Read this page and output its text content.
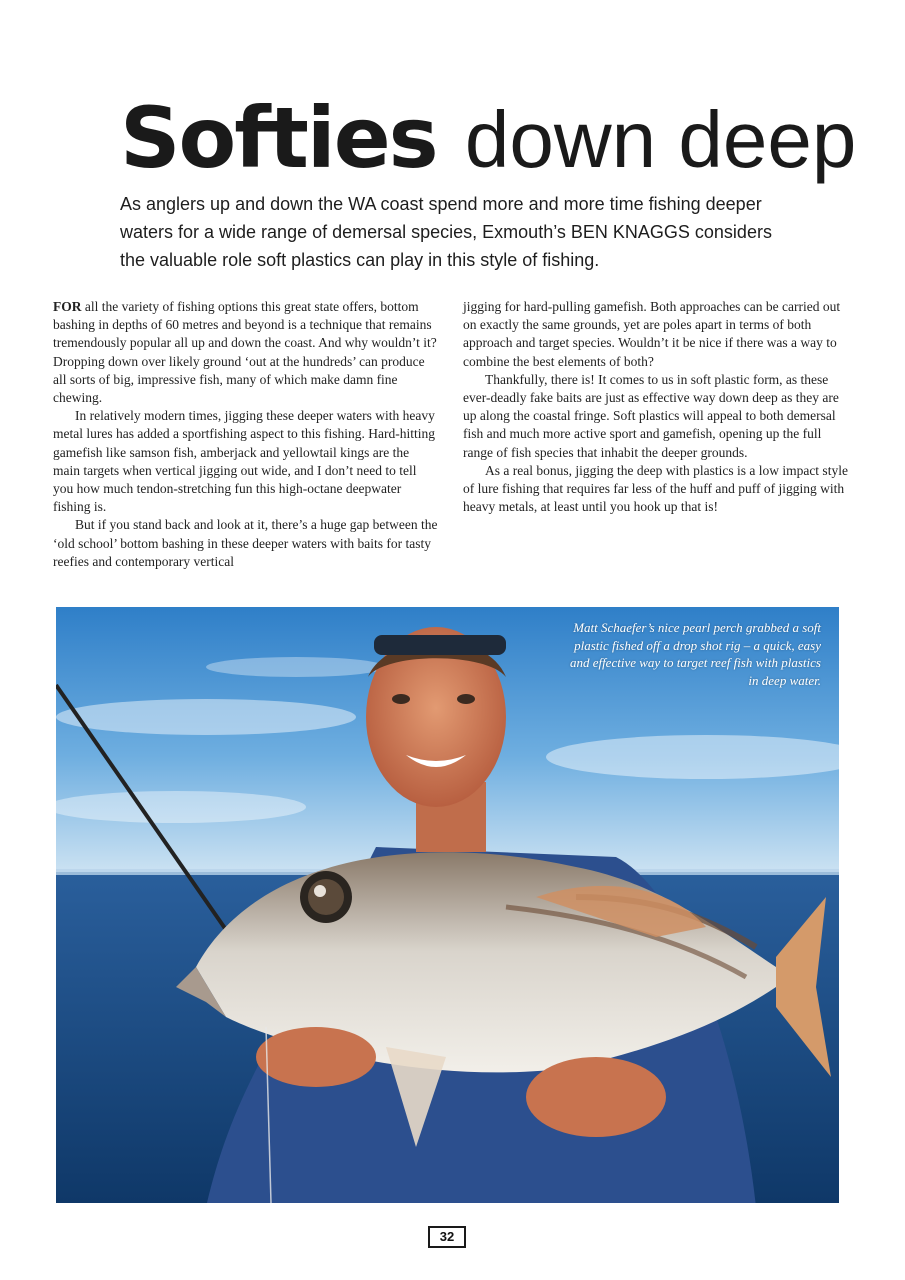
Softies down deep

As anglers up and down the WA coast spend more and more time fishing deeper waters for a wide range of demersal species, Exmouth’s BEN KNAGGS considers the valuable role soft plastics can play in this style of fishing.

FOR all the variety of fishing options this great state offers, bottom bashing in depths of 60 metres and beyond is a technique that remains tremendously popular all up and down the coast. And why wouldn’t it? Dropping down over likely ground ‘out at the hundreds’ can produce all sorts of big, impressive fish, many of which make damn fine chewing.

In relatively modern times, jigging these deeper waters with heavy metal lures has added a sportfishing aspect to this fishing. Hard-hitting gamefish like samson fish, amberjack and yellowtail kings are the main targets when vertical jigging out wide, and I don’t need to tell you how much tendon-stretching fun this high-octane deepwater fishing is.

But if you stand back and look at it, there’s a huge gap between the ‘old school’ bottom bashing in these deeper waters with baits for tasty reefies and contemporary vertical

jigging for hard-pulling gamefish. Both approaches can be carried out on exactly the same grounds, yet are poles apart in terms of both approach and target species. Wouldn’t it be nice if there was a way to combine the best elements of both?

Thankfully, there is! It comes to us in soft plastic form, as these ever-deadly fake baits are just as effective way down deep as they are up along the coastal fringe. Soft plastics will appeal to both demersal fish and much more active sport and gamefish, opening up the full range of fish species that inhabit the deeper grounds.

As a real bonus, jigging the deep with plastics is a low impact style of lure fishing that requires far less of the huff and puff of jigging with heavy metals, at least until you hook up that is!

Matt Schaefer’s nice pearl perch grabbed a soft plastic fished off a drop shot rig – a quick, easy and effective way to target reef fish with plastics in deep water.

32
